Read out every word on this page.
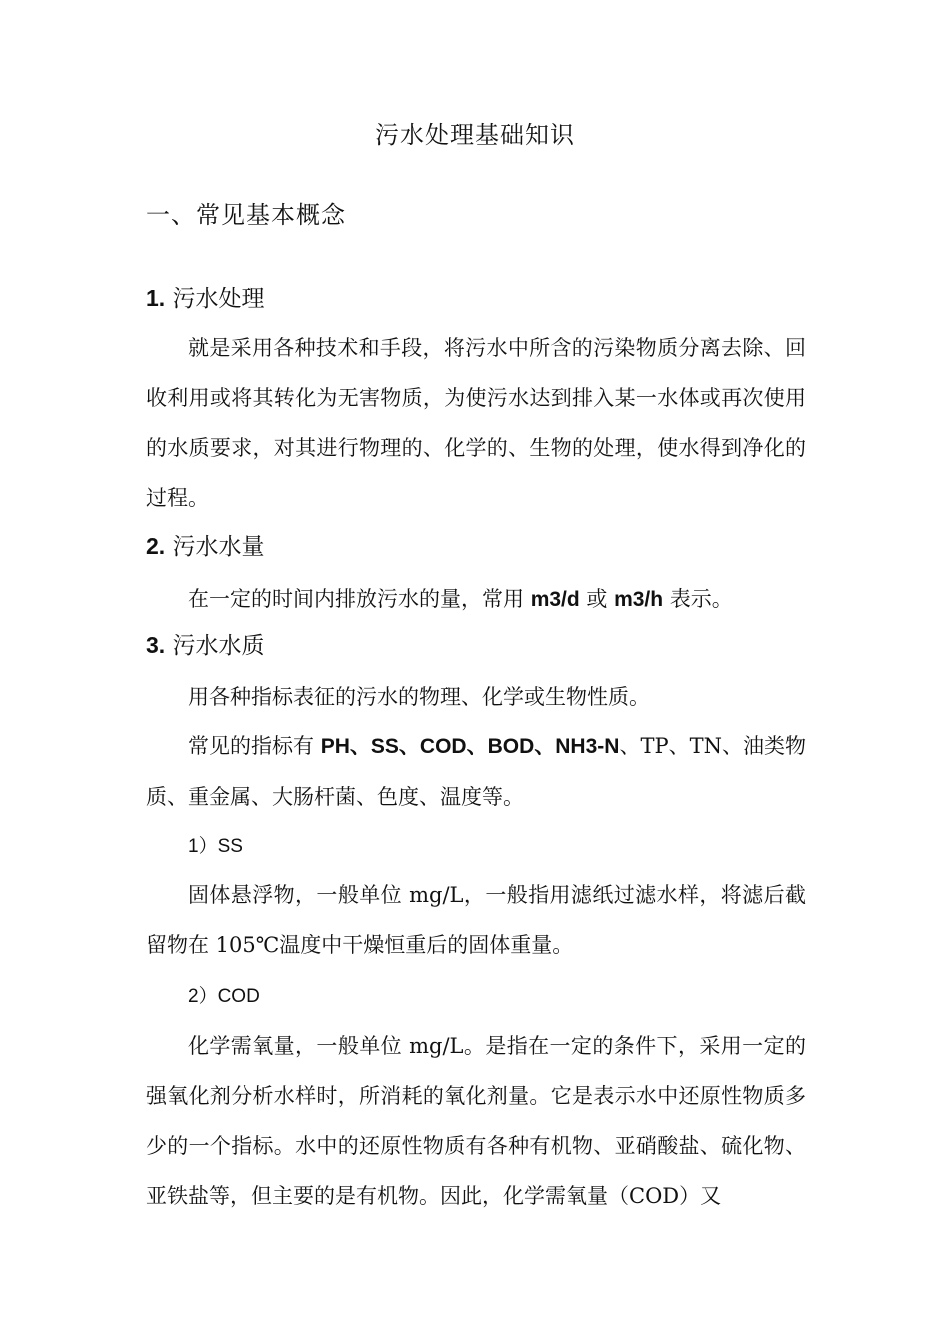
污水处理基础知识
一、常见基本概念
1. 污水处理
就是采用各种技术和手段，将污水中所含的污染物质分离去除、回收利用或将其转化为无害物质，为使污水达到排入某一水体或再次使用的水质要求，对其进行物理的、化学的、生物的处理，使水得到净化的过程。
2. 污水水量
在一定的时间内排放污水的量，常用 m3/d 或 m3/h 表示。
3. 污水水质
用各种指标表征的污水的物理、化学或生物性质。
常见的指标有 PH、SS、COD、BOD、NH3-N、TP、TN、油类物质、重金属、大肠杆菌、色度、温度等。
1）SS
固体悬浮物，一般单位 mg/L，一般指用滤纸过滤水样，将滤后截留物在 105℃温度中干燥恒重后的固体重量。
2）COD
化学需氧量，一般单位 mg/L。是指在一定的条件下，采用一定的强氧化剂分析水样时，所消耗的氧化剂量。它是表示水中还原性物质多少的一个指标。水中的还原性物质有各种有机物、亚硝酸盐、硫化物、亚铁盐等，但主要的是有机物。因此，化学需氧量（COD）又
